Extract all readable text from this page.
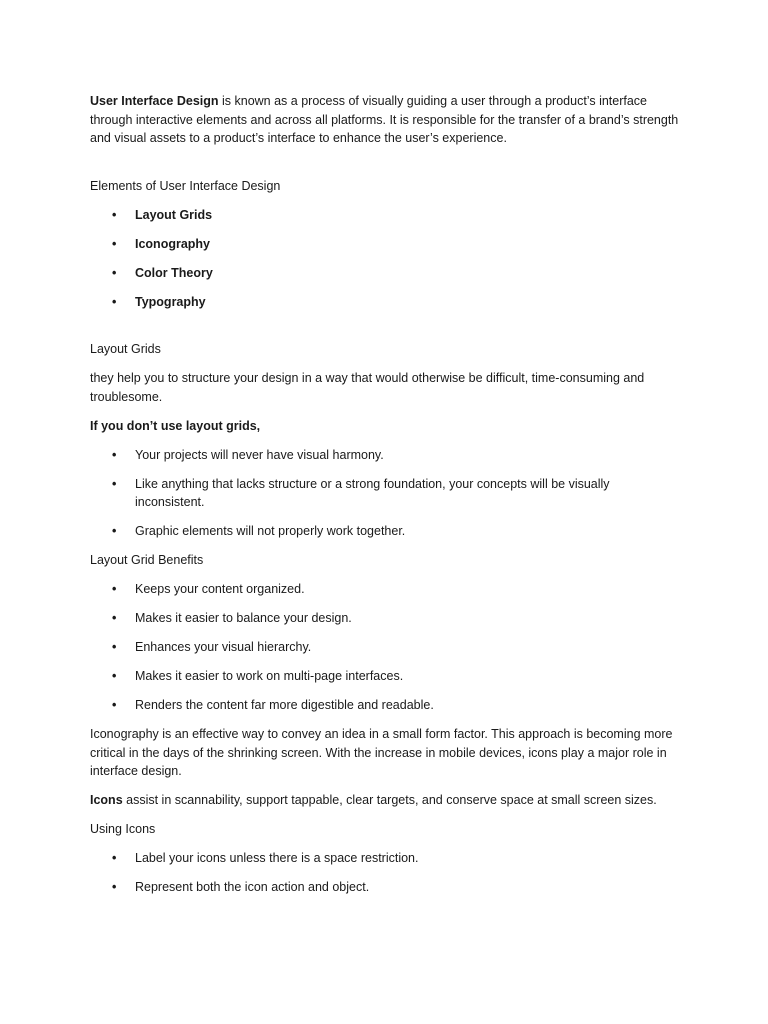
User Interface Design is known as a process of visually guiding a user through a product’s interface through interactive elements and across all platforms. It is responsible for the transfer of a brand’s strength and visual assets to a product’s interface to enhance the user’s experience.

Elements of User Interface Design

• Layout Grids
• Iconography
• Color Theory
• Typography

Layout Grids

they help you to structure your design in a way that would otherwise be difficult, time-consuming and troublesome.

If you don’t use layout grids,

• Your projects will never have visual harmony.
• Like anything that lacks structure or a strong foundation, your concepts will be visually inconsistent.
• Graphic elements will not properly work together.

Layout Grid Benefits

• Keeps your content organized.
• Makes it easier to balance your design.
• Enhances your visual hierarchy.
• Makes it easier to work on multi-page interfaces.
• Renders the content far more digestible and readable.

Iconography is an effective way to convey an idea in a small form factor. This approach is becoming more critical in the days of the shrinking screen. With the increase in mobile devices, icons play a major role in interface design.

Icons assist in scannability, support tappable, clear targets, and conserve space at small screen sizes.

Using Icons

• Label your icons unless there is a space restriction.
• Represent both the icon action and object.
